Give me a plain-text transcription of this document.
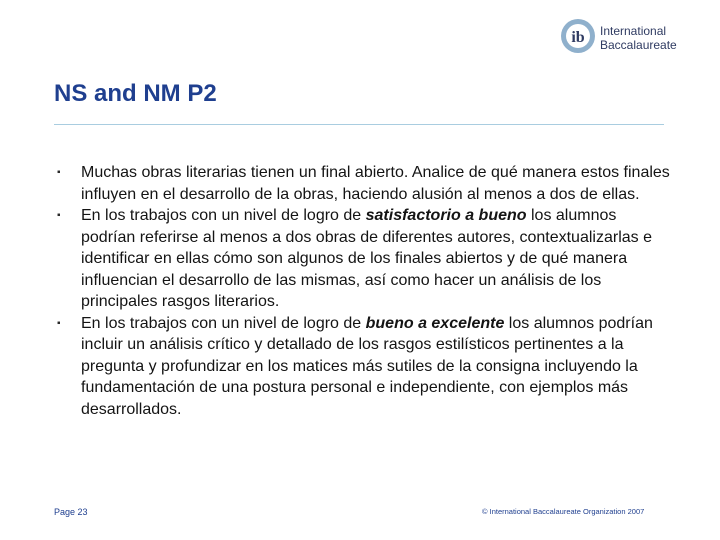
ib International
Baccalaureate
NS and NM P2
▪ Muchas obras literarias tienen un final abierto. Analice de qué manera estos finales influyen en el desarrollo de la obras, haciendo alusión al menos a dos de ellas.
▪ En los trabajos con un nivel de logro de satisfactorio a bueno los alumnos podrían referirse al menos a dos obras de diferentes autores, contextualizarlas e identificar en ellas cómo son algunos de los finales abiertos y de qué manera influencian el desarrollo de las mismas, así como hacer un análisis de los principales rasgos literarios.
▪ En los trabajos con un nivel de logro de bueno a excelente los alumnos podrían incluir un análisis crítico y detallado de los rasgos estilísticos pertinentes a la pregunta y profundizar en los matices más sutiles de la consigna incluyendo la fundamentación de una postura personal e independiente, con ejemplos más desarrollados.
Page 23	© International Baccalaureate Organization 2007
